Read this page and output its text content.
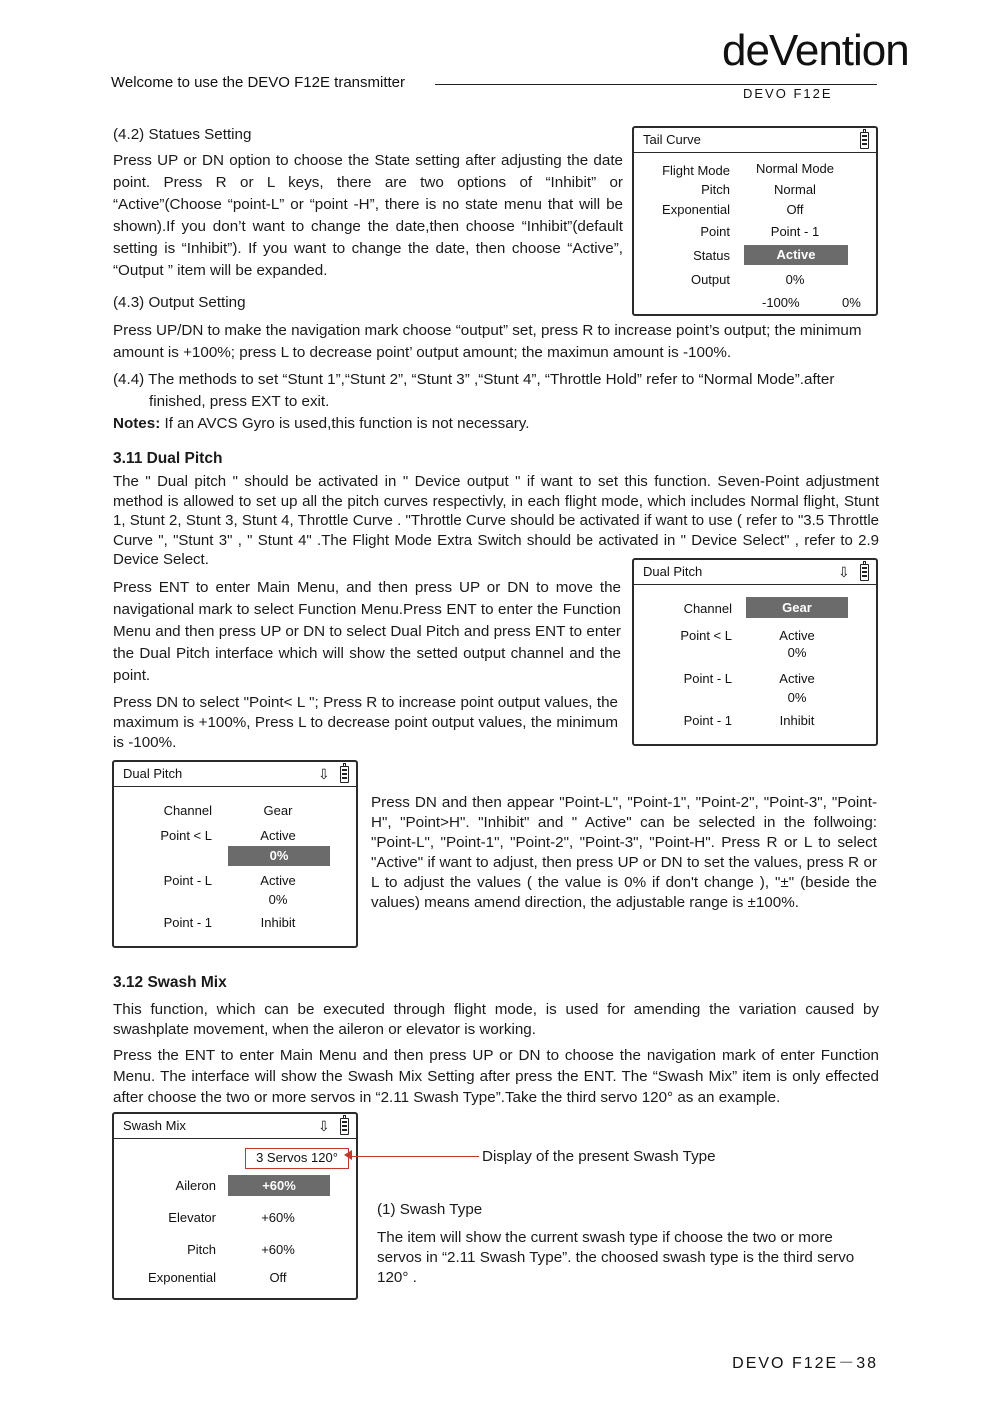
Welcome to use the DEVO F12E transmitter
deVention
DEVO F12E
(4.2) Statues Setting

Press UP or DN option to choose the State setting after adjusting the date point. Press R or L keys, there are two options of “Inhibit” or “Active”(Choose “point-L” or “point -H”, there is no state menu that will be shown).If you don’t want to change the date,then choose “Inhibit”(default setting is “Inhibit”). If you want to change the date, then choose “Active”, “Output ” item will be expanded.

Tail Curve
Flight Mode	Normal Mode
Pitch	Normal
Exponential	Off
Point	Point - 1
Status	Active
Output	0%
-100%	0%
(4.3) Output Setting

Press UP/DN to make the navigation mark choose “output” set, press R to increase point’s output; the minimum amount is +100%; press L to decrease point’ output amount; the maximun amount is -100%.

(4.4) The methods to set “Stunt 1”,“Stunt 2”, “Stunt 3” ,“Stunt 4”, “Throttle Hold” refer to “Normal Mode”.after finished, press EXT to exit.

Notes: If an AVCS Gyro is used,this function is not necessary.

3.11 Dual Pitch

The " Dual pitch " should be activated in " Device output " if want to set this function. Seven-Point adjustment method is allowed to set up all the pitch curves respectivly, in each flight mode, which includes Normal flight, Stunt 1, Stunt 2, Stunt 3, Stunt 4, Throttle Curve . "Throttle Curve should be activated if want to use ( refer to "3.5 Throttle Curve ", "Stunt 3" , " Stunt 4" .The Flight Mode Extra Switch should be activated in " Device Select" , refer to 2.9 Device Select.

Press ENT to enter Main Menu, and then press UP or DN to move the navigational mark to select Function Menu.Press ENT to enter the Function Menu and then press UP or DN to select Dual Pitch and press ENT to enter the Dual Pitch interface which will show the setted output channel and the point.

Press DN to select "Point< L "; Press R to increase point output values, the maximum is +100%, Press L to decrease point output values, the minimum is -100%.

Dual Pitch	⇩
Channel	Gear
Point < L	Active
0%
Point - L	Active
0%
Point - 1	Inhibit
Dual Pitch	⇩
Channel	Gear
Point < L	Active
0%
Point - L	Active
0%
Point - 1	Inhibit

Press DN and then appear "Point-L", "Point-1", "Point-2", "Point-3", "Point-H", "Point>H". "Inhibit" and " Active" can be selected in the follwoing: "Point-L", "Point-1", "Point-2", "Point-3", "Point-H". Press R or L to select "Active" if want to adjust, then press UP or DN to set the values, press R or L to adjust the values ( the value is 0% if don't change ), "±" (beside the values) means amend direction, the adjustable range is ±100%.

3.12 Swash Mix

This function, which can be executed through flight mode, is used for amending the variation caused by swashplate movement, when the aileron or elevator is working.

Press the ENT to enter Main Menu and then press UP or DN to choose the navigation mark of enter Function Menu. The interface will show the Swash Mix Setting after press the ENT. The “Swash Mix” item is only effected after choose the two or more servos in “2.11 Swash Type”.Take the third servo 120° as an example.

Swash Mix	⇩
3 Servos 120°
Aileron	+60%
Elevator	+60%
Pitch	+60%
Exponential	Off
Display of the present Swash Type
(1) Swash Type

The item will show the current swash type if choose the two or more servos in “2.11 Swash Type”. the choosed swash type is the third servo 120° .

DEVO F12E－38
